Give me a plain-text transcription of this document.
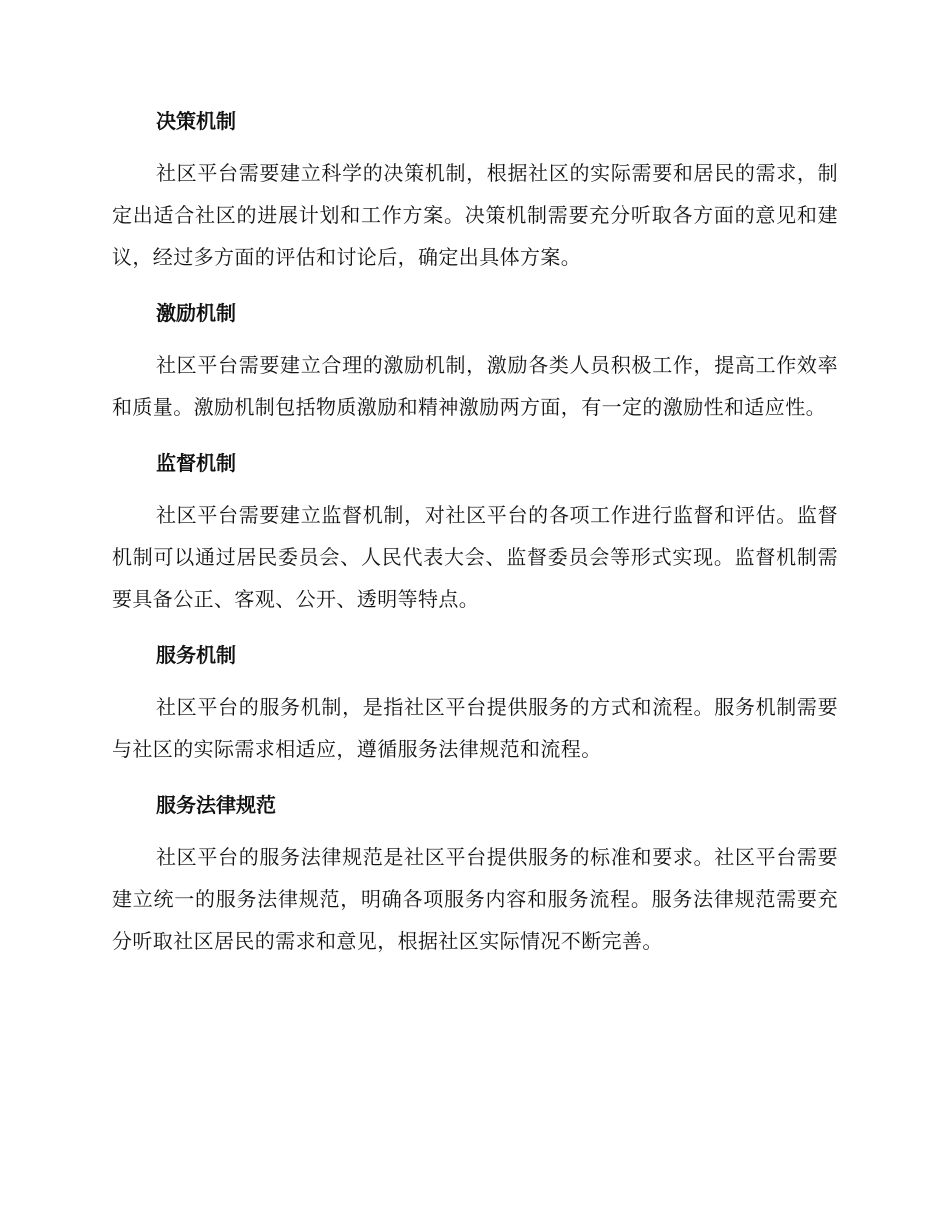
决策机制

社区平台需要建立科学的决策机制，根据社区的实际需要和居民的需求，制定出适合社区的进展计划和工作方案。决策机制需要充分听取各方面的意见和建议，经过多方面的评估和讨论后，确定出具体方案。

激励机制

社区平台需要建立合理的激励机制，激励各类人员积极工作，提高工作效率和质量。激励机制包括物质激励和精神激励两方面，有一定的激励性和适应性。

监督机制

社区平台需要建立监督机制，对社区平台的各项工作进行监督和评估。监督机制可以通过居民委员会、人民代表大会、监督委员会等形式实现。监督机制需要具备公正、客观、公开、透明等特点。

服务机制

社区平台的服务机制，是指社区平台提供服务的方式和流程。服务机制需要与社区的实际需求相适应，遵循服务法律规范和流程。

服务法律规范

社区平台的服务法律规范是社区平台提供服务的标准和要求。社区平台需要建立统一的服务法律规范，明确各项服务内容和服务流程。服务法律规范需要充分听取社区居民的需求和意见，根据社区实际情况不断完善。
